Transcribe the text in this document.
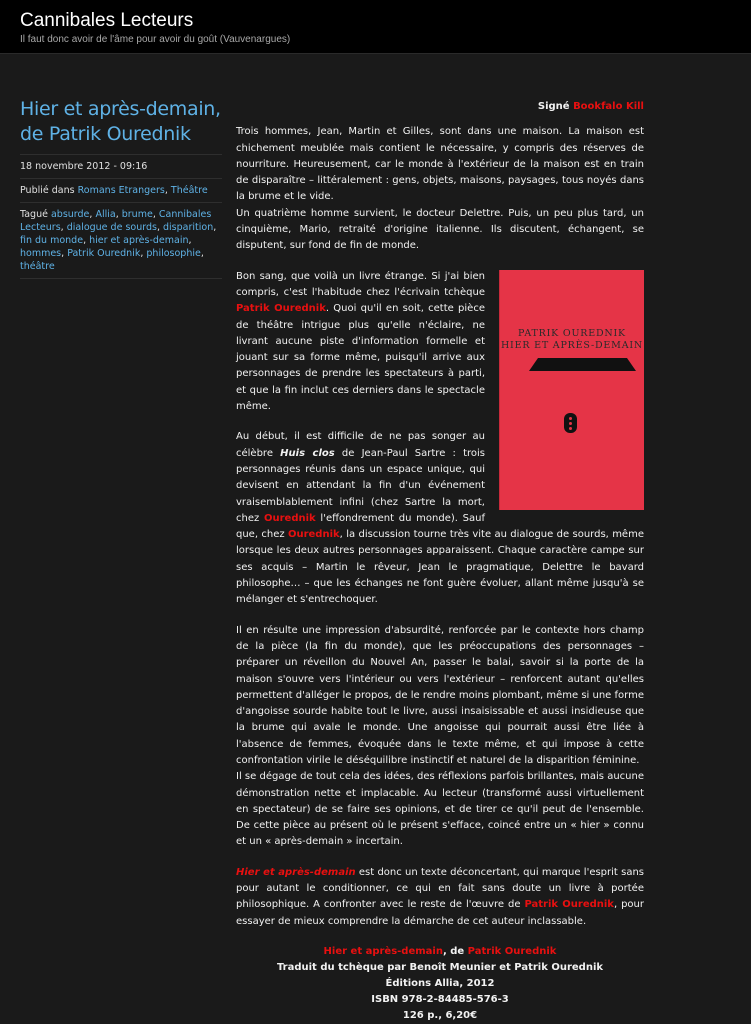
Cannibales Lecteurs
Il faut donc avoir de l'âme pour avoir du goût (Vauvenargues)
Hier et après-demain, de Patrik Ourednik
18 novembre 2012 - 09:16
Publié dans Romans Etrangers, Théâtre
Tagué absurde, Allia, brume, Cannibales Lecteurs, dialogue de sourds, disparition, fin du monde, hier et après-demain, hommes, Patrik Ourednik, philosophie, théâtre
Signé Bookfalo Kill

Trois hommes, Jean, Martin et Gilles, sont dans une maison. La maison est chichement meublée mais contient le nécessaire, y compris des réserves de nourriture. Heureusement, car le monde à l'extérieur de la maison est en train de disparaître – littéralement : gens, objets, maisons, paysages, tous noyés dans la brume et le vide.

Un quatrième homme survient, le docteur Delettre. Puis, un peu plus tard, un cinquième, Mario, retraité d'origine italienne. Ils discutent, échangent, se disputent, sur fond de fin de monde.

PATRIK OUREDNIK
HIER ET APRÈS-DEMAIN

Bon sang, que voilà un livre étrange. Si j'ai bien compris, c'est l'habitude chez l'écrivain tchèque Patrik Ourednik. Quoi qu'il en soit, cette pièce de théâtre intrigue plus qu'elle n'éclaire, ne livrant aucune piste d'information formelle et jouant sur sa forme même, puisqu'il arrive aux personnages de prendre les spectateurs à parti, et que la fin inclut ces derniers dans le spectacle même.

Au début, il est difficile de ne pas songer au célèbre Huis clos de Jean-Paul Sartre : trois personnages réunis dans un espace unique, qui devisent en attendant la fin d'un événement vraisemblablement infini (chez Sartre la mort, chez Ourednik l'effondrement du monde). Sauf que, chez Ourednik, la discussion tourne très vite au dialogue de sourds, même lorsque les deux autres personnages apparaissent. Chaque caractère campe sur ses acquis – Martin le rêveur, Jean le pragmatique, Delettre le bavard philosophe… – que les échanges ne font guère évoluer, allant même jusqu'à se mélanger et s'entrechoquer.

Il en résulte une impression d'absurdité, renforcée par le contexte hors champ de la pièce (la fin du monde), que les préoccupations des personnages – préparer un réveillon du Nouvel An, passer le balai, savoir si la porte de la maison s'ouvre vers l'intérieur ou vers l'extérieur – renforcent autant qu'elles permettent d'alléger le propos, de le rendre moins plombant, même si une forme d'angoisse sourde habite tout le livre, aussi insaisissable et aussi insidieuse que la brume qui avale le monde. Une angoisse qui pourrait aussi être liée à l'absence de femmes, évoquée dans le texte même, et qui impose à cette confrontation virile le déséquilibre instinctif et naturel de la disparition féminine.

Il se dégage de tout cela des idées, des réflexions parfois brillantes, mais aucune démonstration nette et implacable. Au lecteur (transformé aussi virtuellement en spectateur) de se faire ses opinions, et de tirer ce qu'il peut de l'ensemble. De cette pièce au présent où le présent s'efface, coincé entre un « hier » connu et un « après-demain » incertain.

Hier et après-demain est donc un texte déconcertant, qui marque l'esprit sans pour autant le conditionner, ce qui en fait sans doute un livre à portée philosophique. A confronter avec le reste de l'œuvre de Patrik Ourednik, pour essayer de mieux comprendre la démarche de cet auteur inclassable.

Hier et après-demain, de Patrik Ourednik
Traduit du tchèque par Benoît Meunier et Patrik Ourednik
Éditions Allia, 2012
ISBN 978-2-84485-576-3
126 p., 6,20€
